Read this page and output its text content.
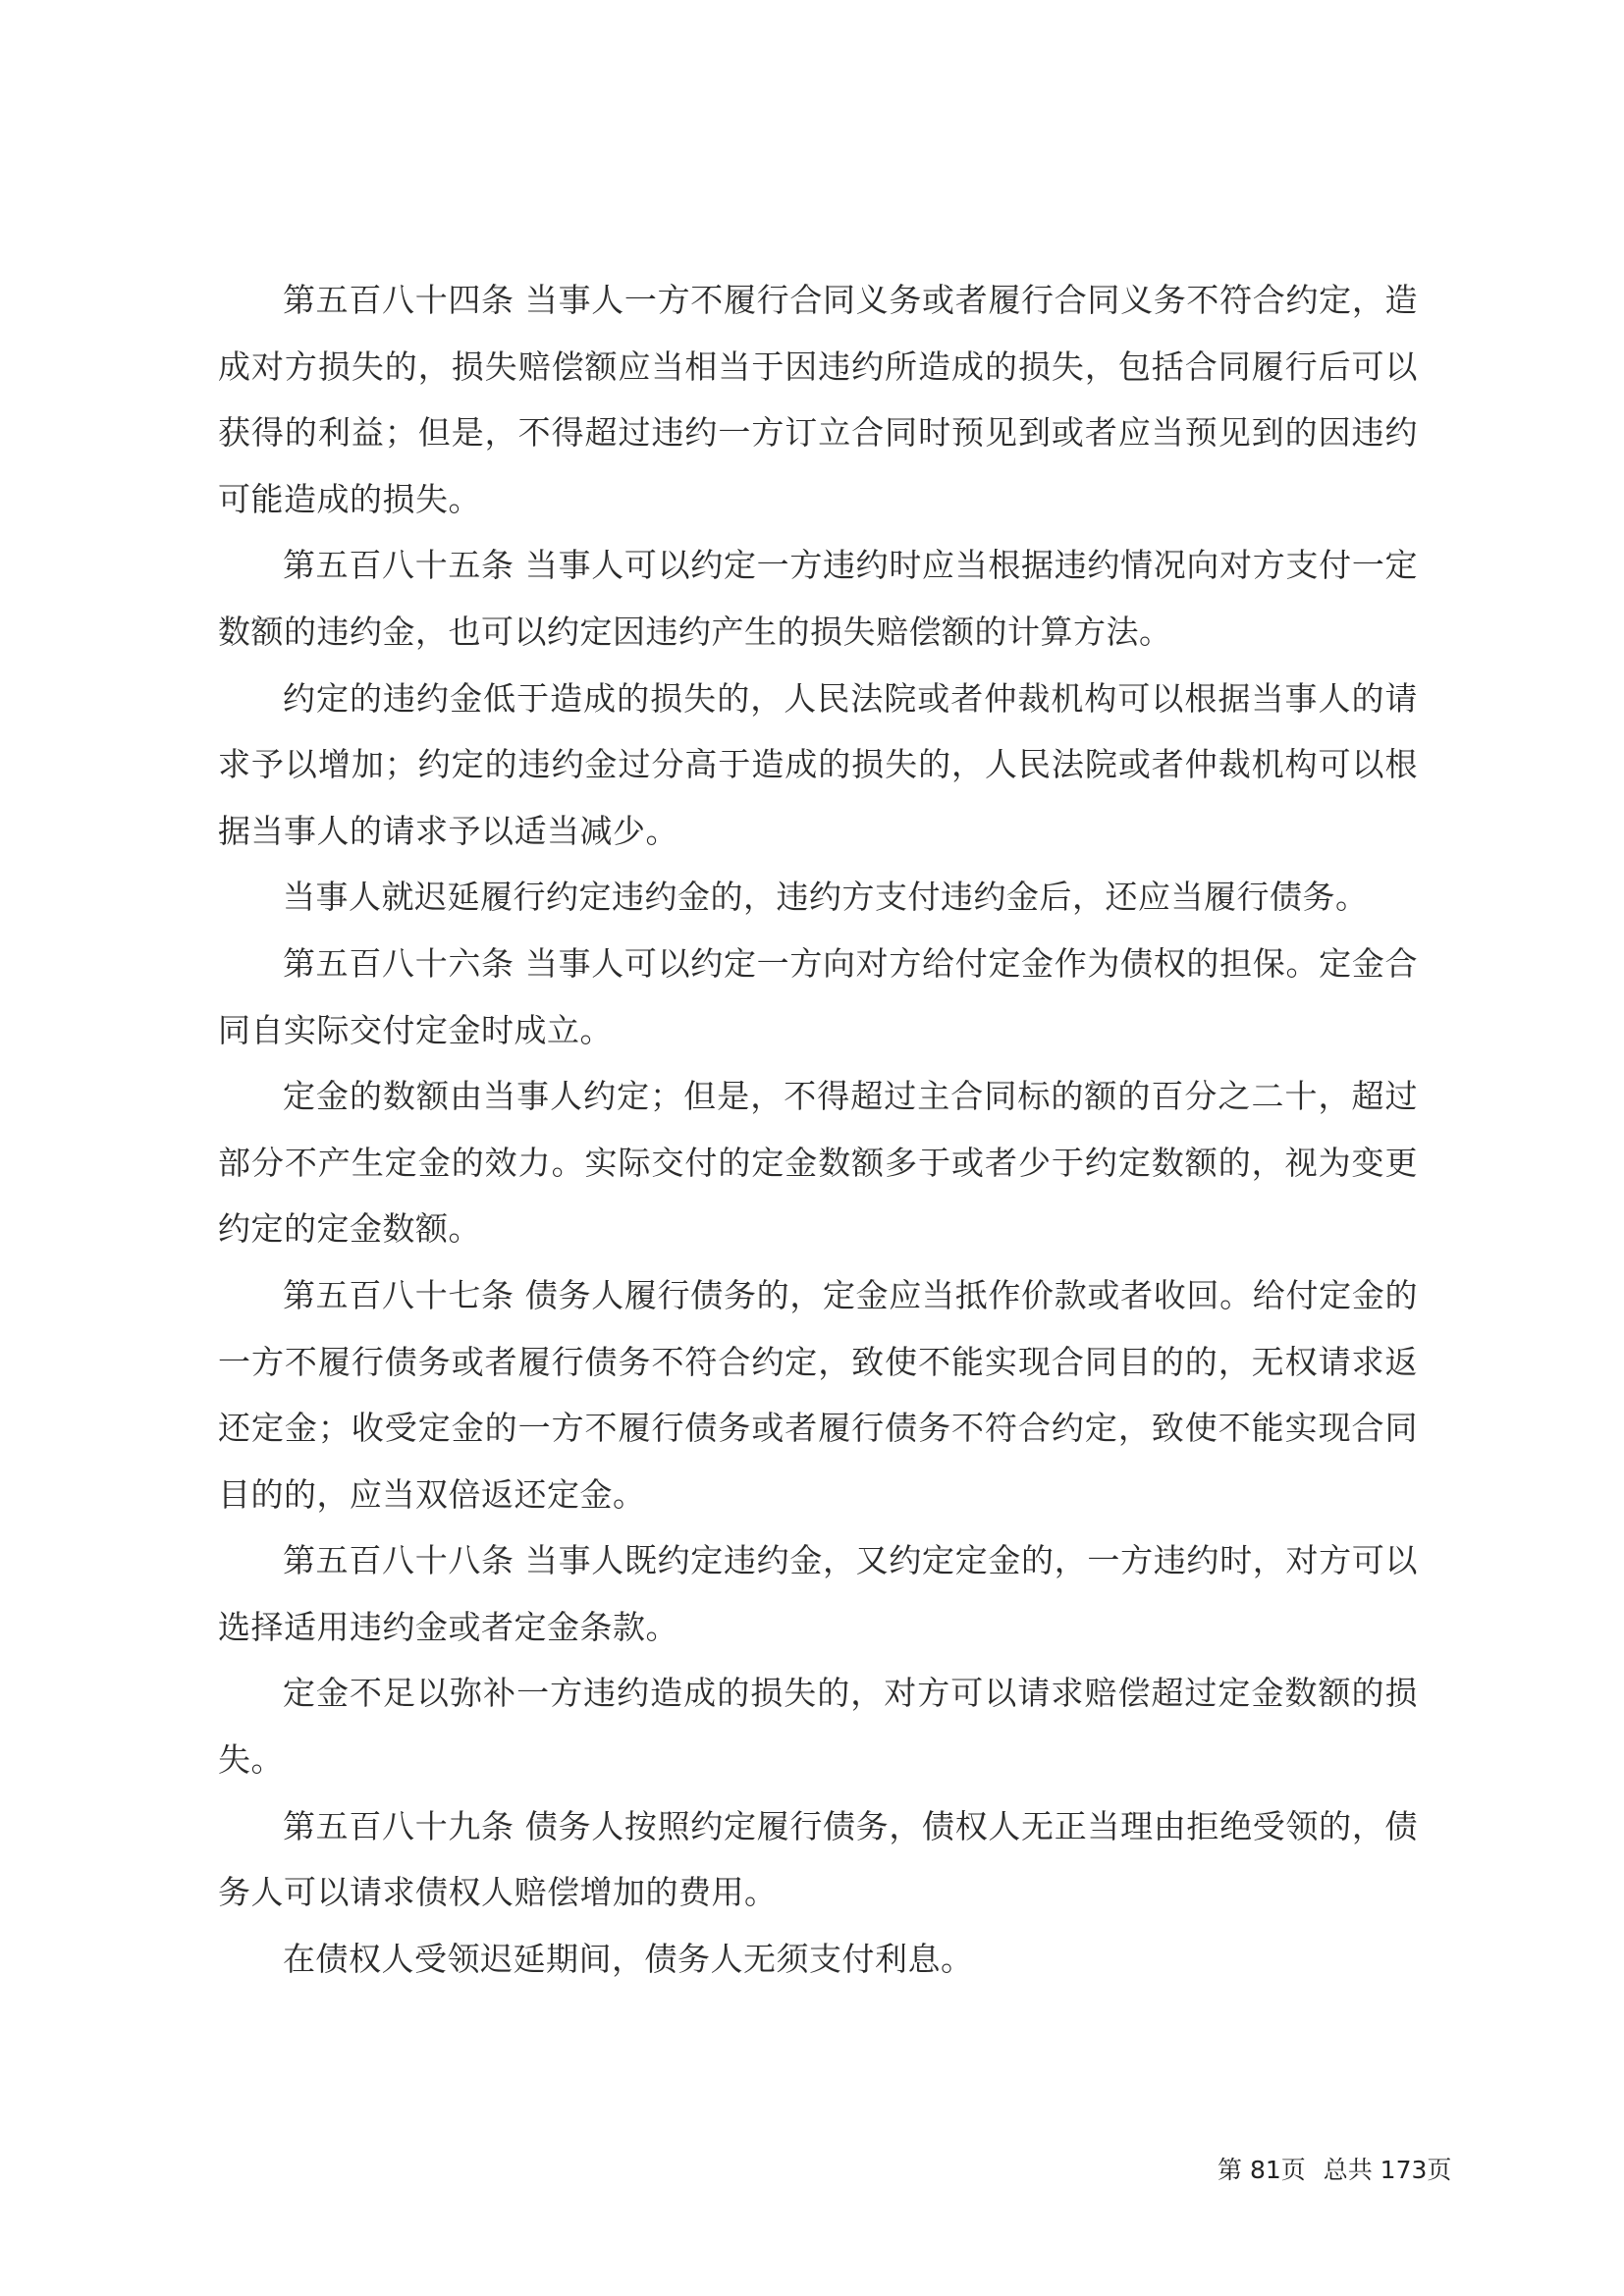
第五百八十四条 当事人一方不履行合同义务或者履行合同义务不符合约定，造成对方损失的，损失赔偿额应当相当于因违约所造成的损失，包括合同履行后可以获得的利益；但是，不得超过违约一方订立合同时预见到或者应当预见到的因违约可能造成的损失。

第五百八十五条 当事人可以约定一方违约时应当根据违约情况向对方支付一定数额的违约金，也可以约定因违约产生的损失赔偿额的计算方法。

约定的违约金低于造成的损失的，人民法院或者仲裁机构可以根据当事人的请求予以增加；约定的违约金过分高于造成的损失的，人民法院或者仲裁机构可以根据当事人的请求予以适当减少。

当事人就迟延履行约定违约金的，违约方支付违约金后，还应当履行债务。

第五百八十六条 当事人可以约定一方向对方给付定金作为债权的担保。定金合同自实际交付定金时成立。

定金的数额由当事人约定；但是，不得超过主合同标的额的百分之二十，超过部分不产生定金的效力。实际交付的定金数额多于或者少于约定数额的，视为变更约定的定金数额。

第五百八十七条 债务人履行债务的，定金应当抵作价款或者收回。给付定金的一方不履行债务或者履行债务不符合约定，致使不能实现合同目的的，无权请求返还定金；收受定金的一方不履行债务或者履行债务不符合约定，致使不能实现合同目的的，应当双倍返还定金。

第五百八十八条 当事人既约定违约金，又约定定金的，一方违约时，对方可以选择适用违约金或者定金条款。

定金不足以弥补一方违约造成的损失的，对方可以请求赔偿超过定金数额的损失。

第五百八十九条 债务人按照约定履行债务，债权人无正当理由拒绝受领的，债务人可以请求债权人赔偿增加的费用。

在债权人受领迟延期间，债务人无须支付利息。

第 81页 总共 173页
